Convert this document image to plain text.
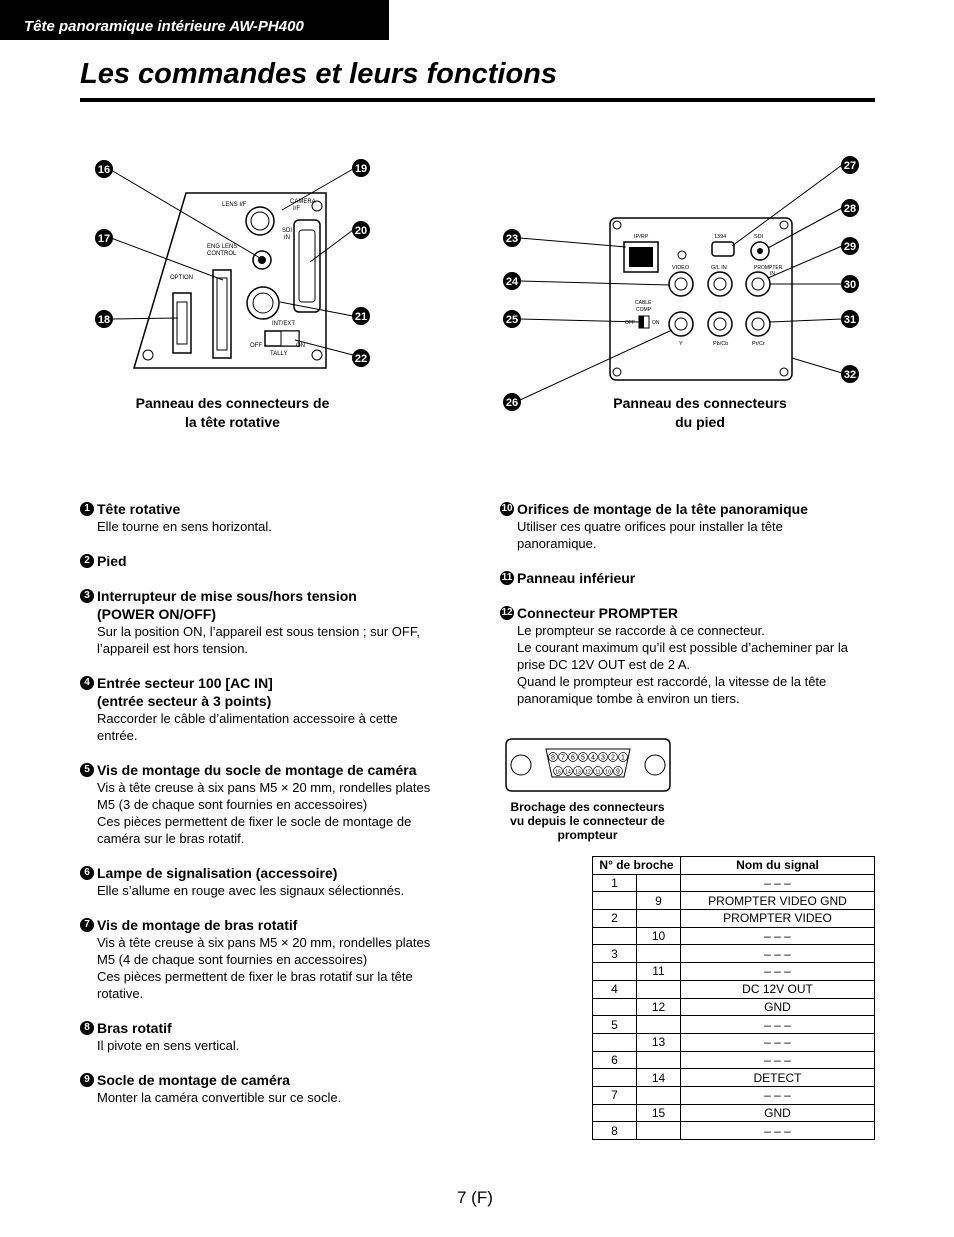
Tête panoramique intérieure AW-PH400
Les commandes et leurs fonctions
LENS I/F	CAMERA
I/F
SDI
IN
ENG LENS
CONTROL
OPTION
INT/EXT
OFF	ON
TALLY
16
17
18
19
20
21
22
Panneau des connecteurs de
la tête rotative
IP/RP	1394	SDI
VIDEO	G/L IN	PROMPTER
IN
CABLE
COMP
OFF	ON
Y	Pb/Cb	Pr/Cr
23
24
25
26
27
28
29
30
31
32
Panneau des connecteurs
du pied
1 Tête rotative
Elle tourne en sens horizontal.
2 Pied
3 Interrupteur de mise sous/hors tension
(POWER ON/OFF)
Sur la position ON, l’appareil est sous tension ; sur OFF,
l’appareil est hors tension.
4 Entrée secteur 100 [AC IN]
(entrée secteur à 3 points)
Raccorder le câble d’alimentation accessoire à cette
entrée.
5 Vis de montage du socle de montage de caméra
Vis à tête creuse à six pans M5 × 20 mm, rondelles plates
M5 (3 de chaque sont fournies en accessoires)
Ces pièces permettent de fixer le socle de montage de
caméra sur le bras rotatif.
6 Lampe de signalisation (accessoire)
Elle s’allume en rouge avec les signaux sélectionnés.
7 Vis de montage de bras rotatif
Vis à tête creuse à six pans M5 × 20 mm, rondelles plates
M5 (4 de chaque sont fournies en accessoires)
Ces pièces permettent de fixer le bras rotatif sur la tête
rotative.
8 Bras rotatif
Il pivote en sens vertical.
9 Socle de montage de caméra
Monter la caméra convertible sur ce socle.
10 Orifices de montage de la tête panoramique
Utiliser ces quatre orifices pour installer la tête
panoramique.
11 Panneau inférieur
12 Connecteur PROMPTER
Le prompteur se raccorde à ce connecteur.
Le courant maximum qu’il est possible d’acheminer par la
prise DC 12V OUT est de 2 A.
Quand le prompteur est raccordé, la vitesse de la tête
panoramique tombe à environ un tiers.
8 7 6 5 4 3 2 1
15 14 13 12 11 10 9
Brochage des connecteurs
vu depuis le connecteur de
prompteur
N° de broche		Nom du signal
1		– – –
	9	PROMPTER VIDEO GND
2		PROMPTER VIDEO
	10	– – –
3		– – –
	11	– – –
4		DC 12V OUT
	12	GND
5		– – –
	13	– – –
6		– – –
	14	DETECT
7		– – –
	15	GND
8		– – –
7 (F)
